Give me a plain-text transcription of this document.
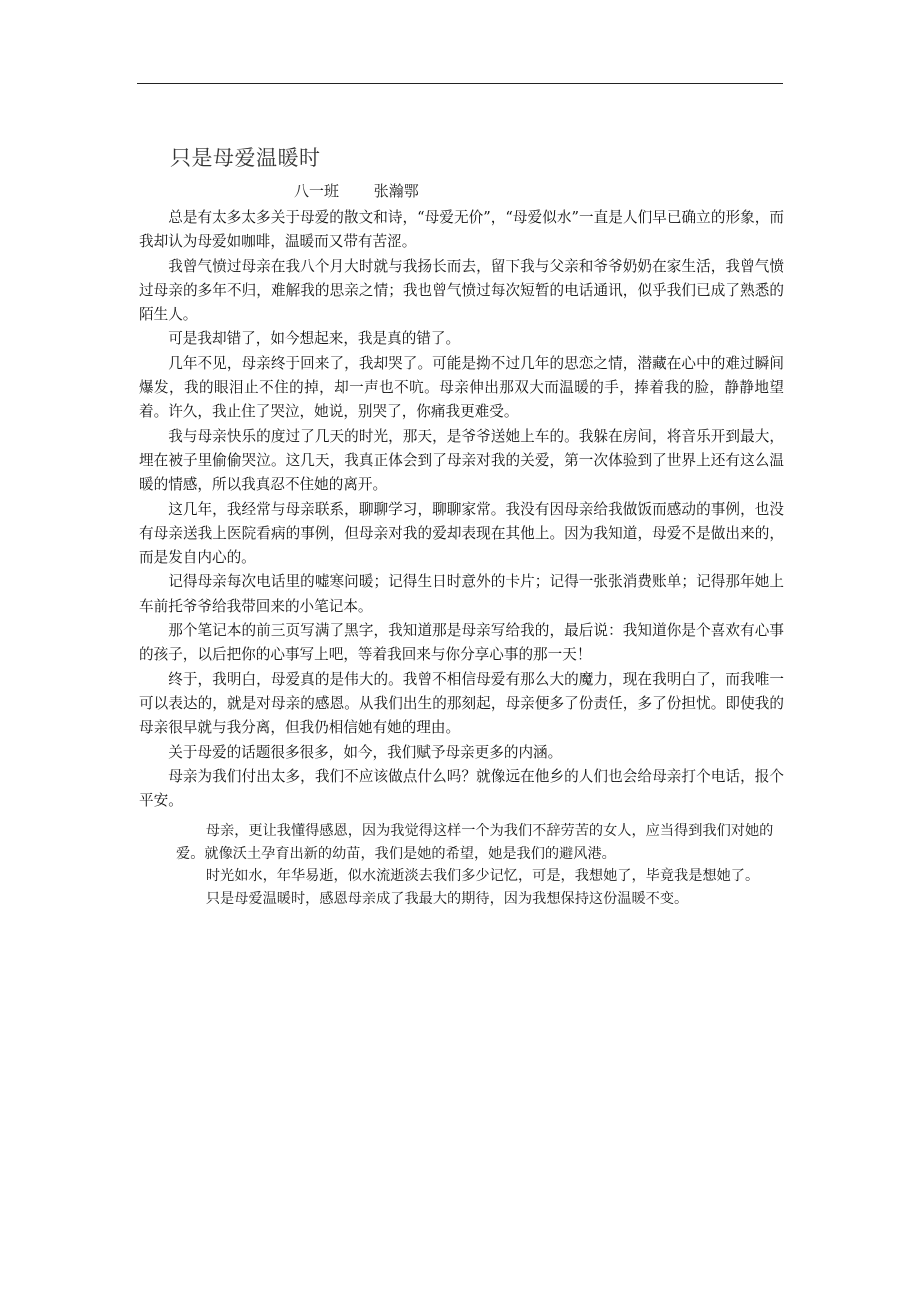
只是母爱温暖时
八一班 张瀚鄂

总是有太多太多关于母爱的散文和诗，“母爱无价”，“母爱似水”一直是人们早已确立的形象，而我却认为母爱如咖啡，温暖而又带有苦涩。

我曾气愤过母亲在我八个月大时就与我扬长而去，留下我与父亲和爷爷奶奶在家生活，我曾气愤过母亲的多年不归，难解我的思亲之情；我也曾气愤过每次短暂的电话通讯，似乎我们已成了熟悉的陌生人。

可是我却错了，如今想起来，我是真的错了。

几年不见，母亲终于回来了，我却哭了。可能是拗不过几年的思恋之情，潜藏在心中的难过瞬间爆发，我的眼泪止不住的掉，却一声也不吭。母亲伸出那双大而温暖的手，捧着我的脸，静静地望着。许久，我止住了哭泣，她说，别哭了，你痛我更难受。

我与母亲快乐的度过了几天的时光，那天，是爷爷送她上车的。我躲在房间，将音乐开到最大，埋在被子里偷偷哭泣。这几天，我真正体会到了母亲对我的关爱，第一次体验到了世界上还有这么温暖的情感，所以我真忍不住她的离开。

这几年，我经常与母亲联系，聊聊学习，聊聊家常。我没有因母亲给我做饭而感动的事例，也没有母亲送我上医院看病的事例，但母亲对我的爱却表现在其他上。因为我知道，母爱不是做出来的，而是发自内心的。

记得母亲每次电话里的嘘寒问暖；记得生日时意外的卡片；记得一张张消费账单；记得那年她上车前托爷爷给我带回来的小笔记本。

那个笔记本的前三页写满了黑字，我知道那是母亲写给我的，最后说：我知道你是个喜欢有心事的孩子，以后把你的心事写上吧，等着我回来与你分享心事的那一天！

终于，我明白，母爱真的是伟大的。我曾不相信母爱有那么大的魔力，现在我明白了，而我唯一可以表达的，就是对母亲的感恩。从我们出生的那刻起，母亲便多了份责任，多了份担忧。即使我的母亲很早就与我分离，但我仍相信她有她的理由。

关于母爱的话题很多很多，如今，我们赋予母亲更多的内涵。

母亲为我们付出太多，我们不应该做点什么吗？就像远在他乡的人们也会给母亲打个电话，报个平安。

母亲，更让我懂得感恩，因为我觉得这样一个为我们不辞劳苦的女人，应当得到我们对她的爱。就像沃土孕育出新的幼苗，我们是她的希望，她是我们的避风港。

时光如水，年华易逝，似水流逝淡去我们多少记忆，可是，我想她了，毕竟我是想她了。

只是母爱温暖时，感恩母亲成了我最大的期待，因为我想保持这份温暖不变。
